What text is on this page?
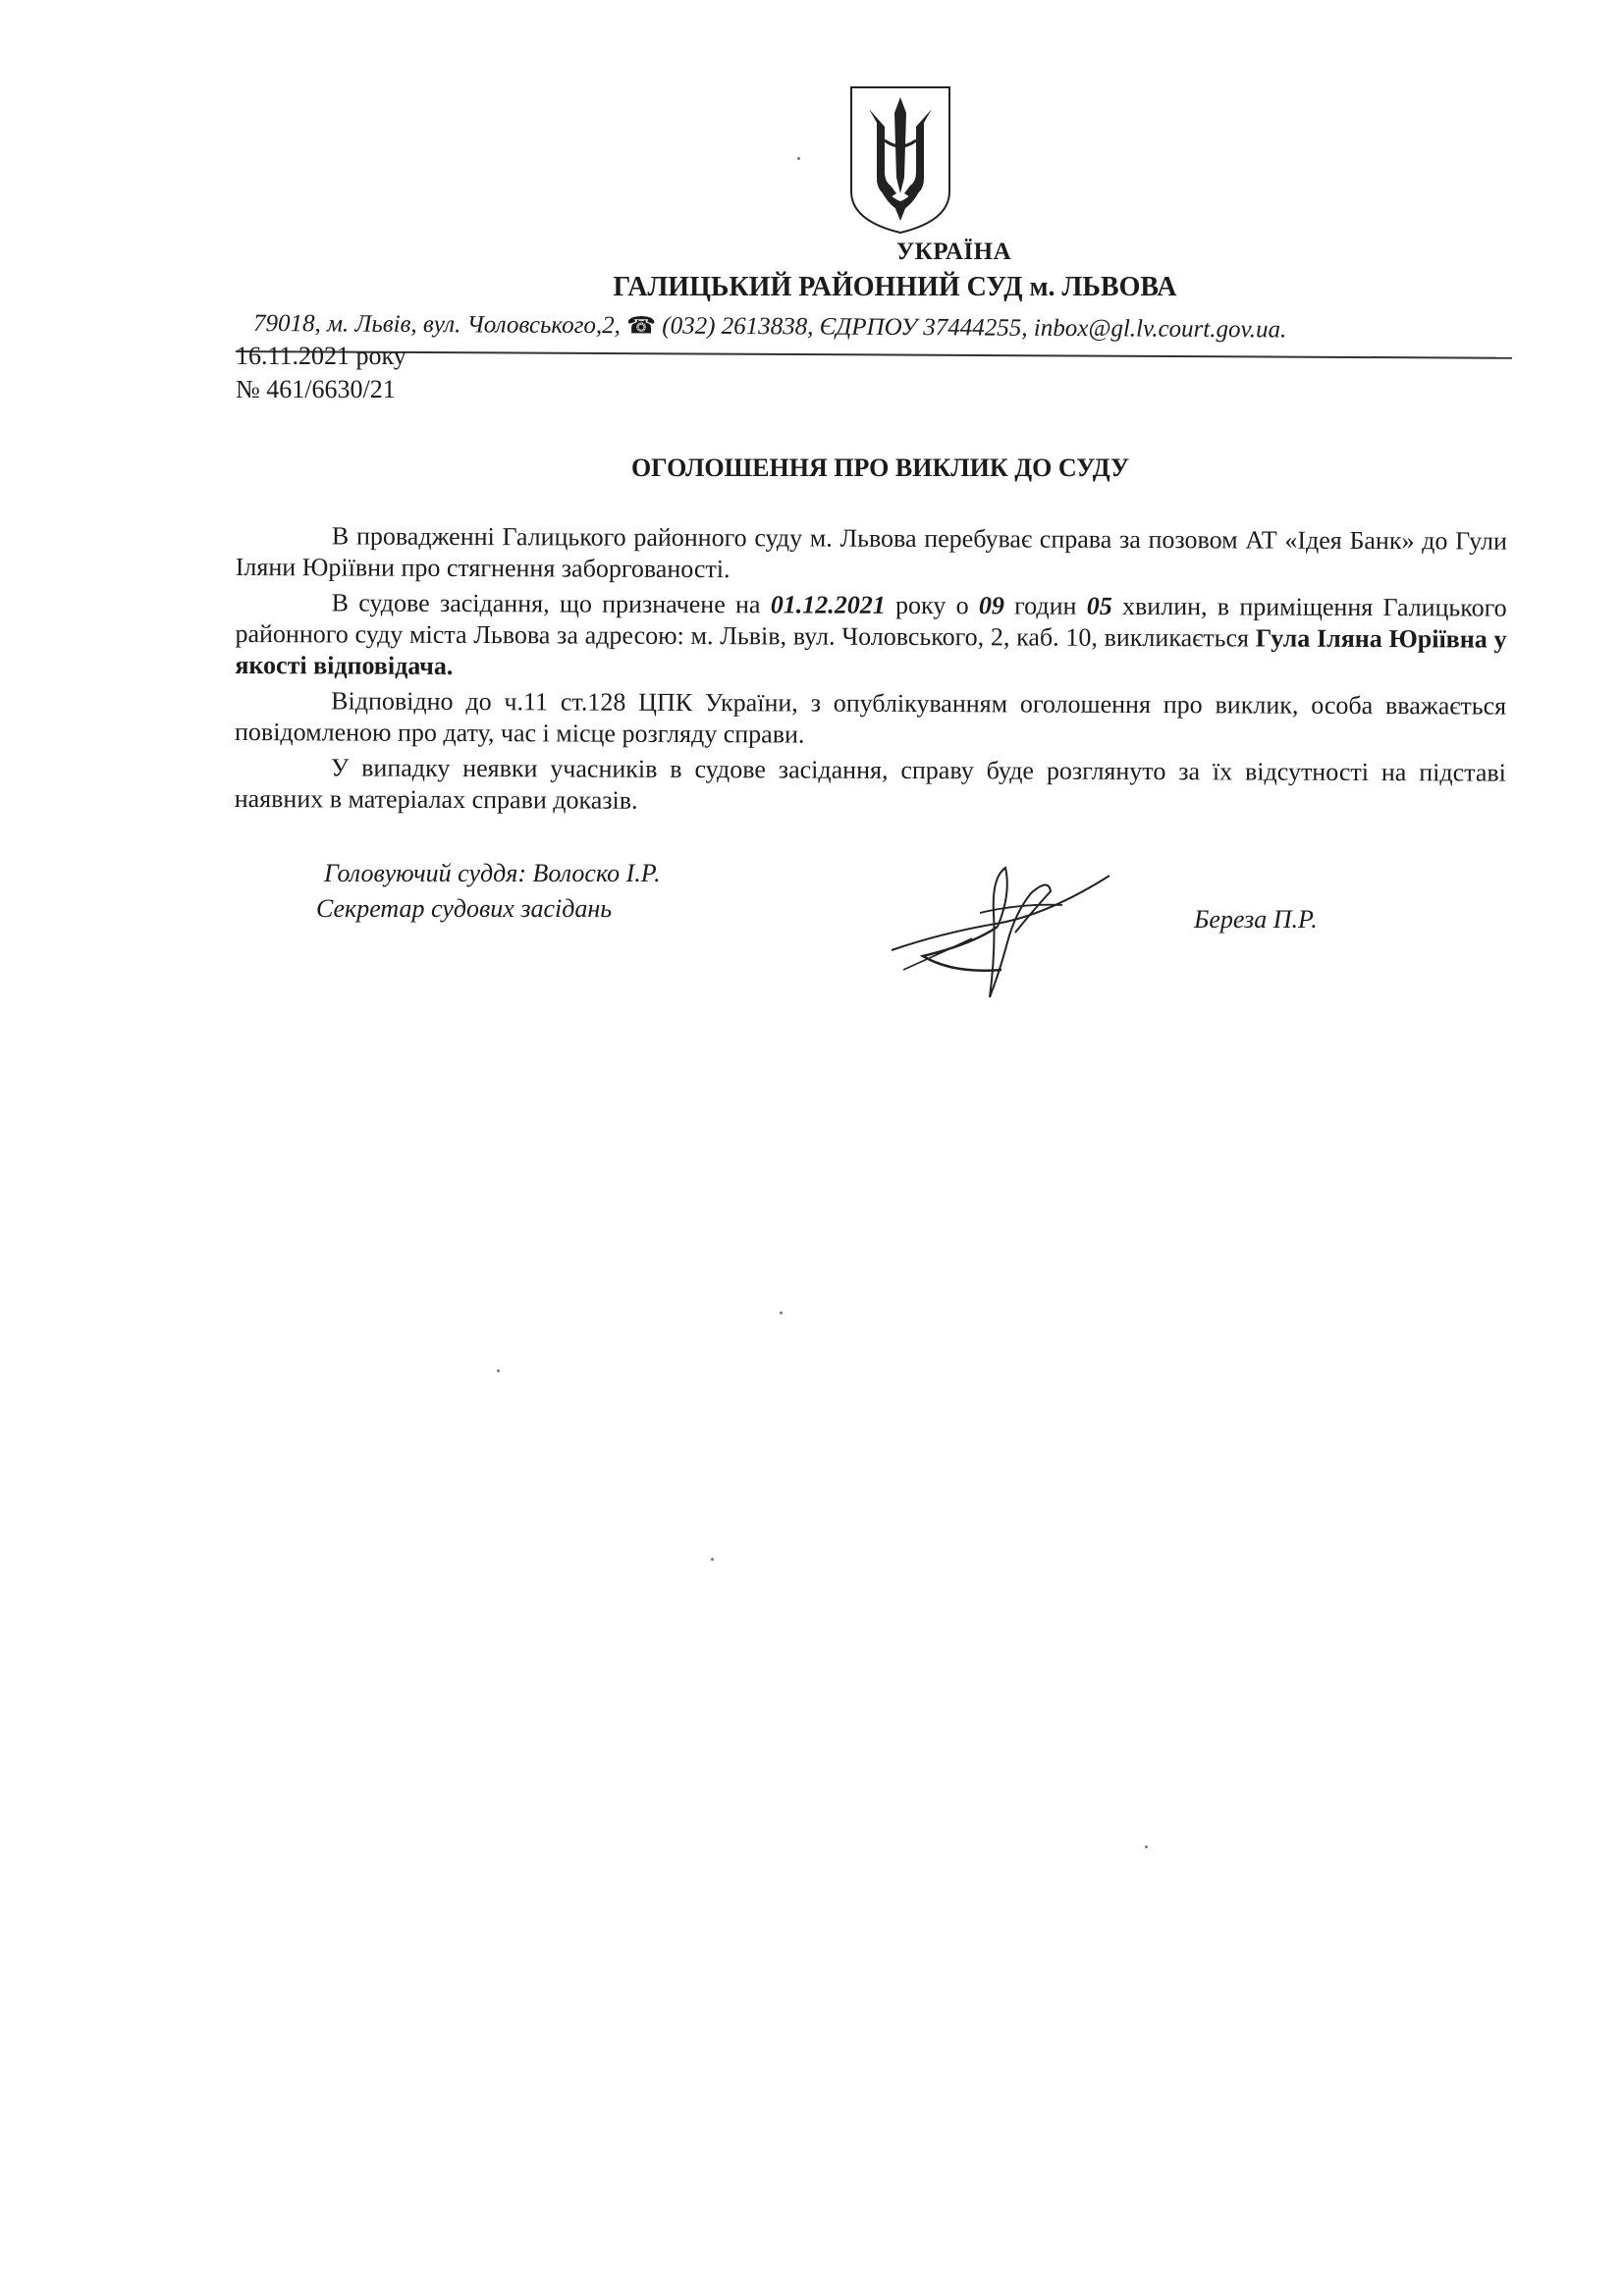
УКРАЇНА
ГАЛИЦЬКИЙ РАЙОННИЙ СУД м. ЛЬВОВА
79018, м. Львів, вул. Чоловського,2, ☎ (032) 2613838, ЄДРПОУ 37444255, inbox@gl.lv.court.gov.ua.
16.11.2021 року
№ 461/6630/21
ОГОЛОШЕННЯ ПРО ВИКЛИК ДО СУДУ

В провадженні Галицького районного суду м. Львова перебуває справа за позовом АТ «Ідея Банк» до Гули Іляни Юріївни про стягнення заборгованості.

В судове засідання, що призначене на 01.12.2021 року о 09 годин 05 хвилин, в приміщення Галицького районного суду міста Львова за адресою: м. Львів, вул. Чоловського, 2, каб. 10, викликається Гула Іляна Юріївна у якості відповідача.

Відповідно до ч.11 ст.128 ЦПК України, з опублікуванням оголошення про виклик, особа вважається повідомленою про дату, час і місце розгляду справи.

У випадку неявки учасників в судове засідання, справу буде розглянуто за їх відсутності на підставі наявних в матеріалах справи доказів.

Головуючий суддя: Волоско І.Р.
Секретар судових засідань	Береза П.Р.
